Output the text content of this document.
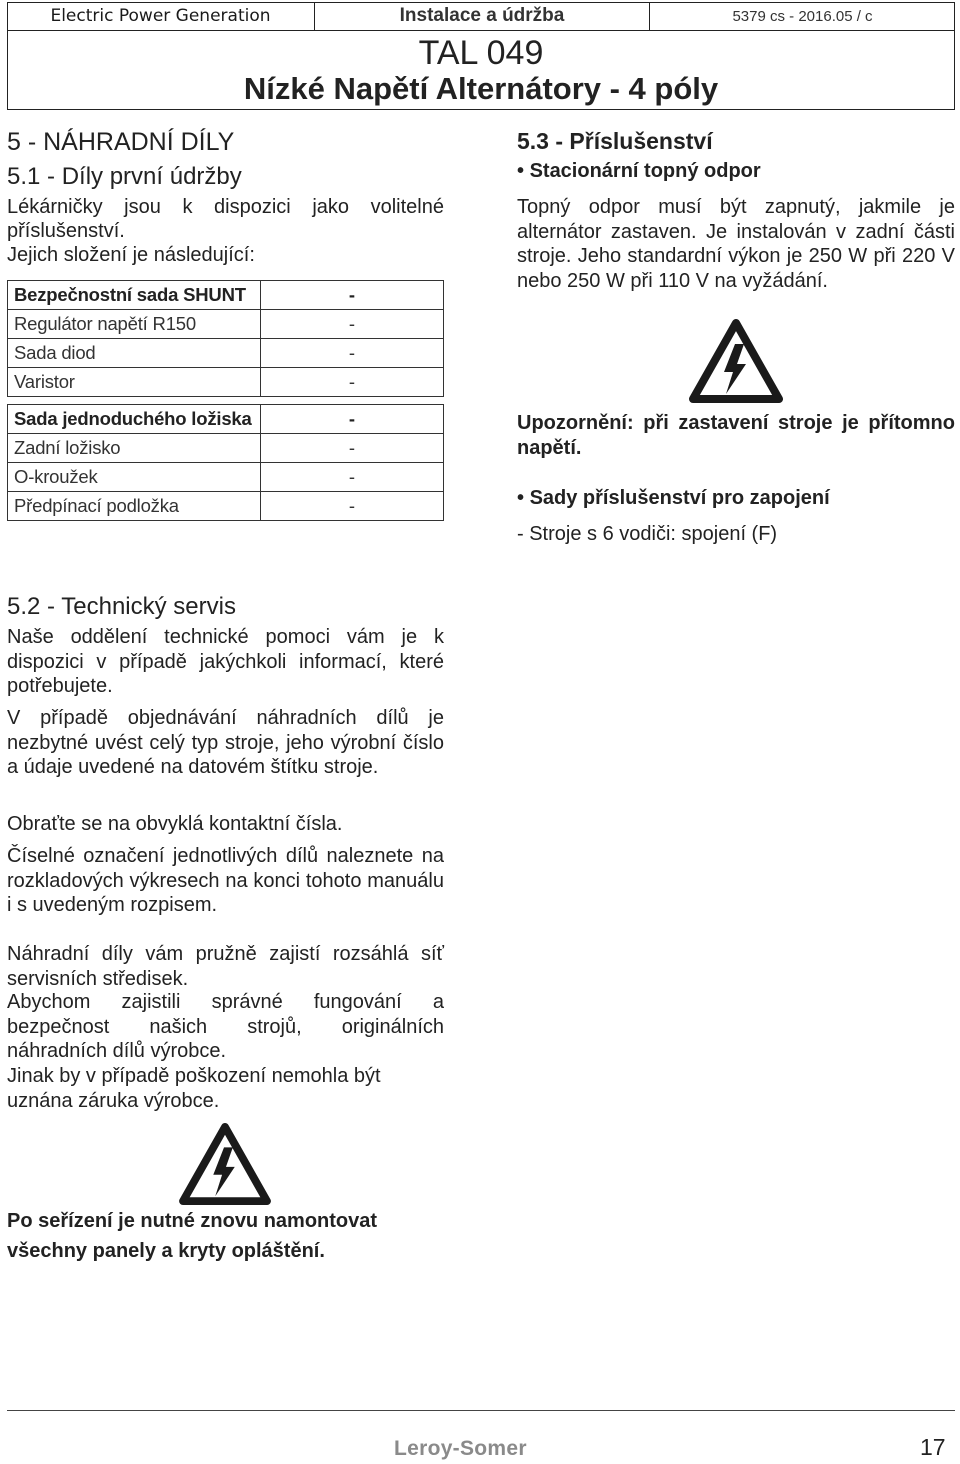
Electric Power Generation	Instalace a údržba	5379 cs - 2016.05 / c
TAL 049
Nízké Napětí Alternátory - 4 póly
5 - NÁHRADNÍ DÍLY
5.1 - Díly první údržby
Lékárničky jsou k dispozici jako volitelné
příslušenství.
Jejich složení je následující:
Bezpečnostní sada SHUNT	-
Regulátor napětí R150	-
Sada diod	-
Varistor	-
Sada jednoduchého ložiska	-
Zadní ložisko	-
O-kroužek	-
Předpínací podložka	-
5.3 - Příslušenství
• Stacionární topný odpor
Topný odpor musí být zapnutý, jakmile je alternátor zastaven. Je instalován v zadní části stroje. Jeho standardní výkon je 250 W při 220 V nebo 250 W při 110 V na vyžádání.
Upozornění: při zastavení stroje je přítomno napětí.
• Sady příslušenství pro zapojení
- Stroje s 6 vodiči: spojení (F)
5.2 - Technický servis
Naše oddělení technické pomoci vám je k dispozici v případě jakýchkoli informací, které potřebujete.
V případě objednávání náhradních dílů je nezbytné uvést celý typ stroje, jeho výrobní číslo a údaje uvedené na datovém štítku stroje.
Obraťte se na obvyklá kontaktní čísla.
Číselné označení jednotlivých dílů naleznete na rozkladových výkresech na konci tohoto manuálu i s uvedeným rozpisem.
Náhradní díly vám pružně zajistí rozsáhlá síť servisních středisek.
Abychom zajistili správné fungování a bezpečnost našich strojů, originálních náhradních dílů výrobce.
Jinak by v případě poškození nemohla být uznána záruka výrobce.
Po seřízení je nutné znovu namontovat všechny panely a kryty opláštění.
Leroy-Somer	17
